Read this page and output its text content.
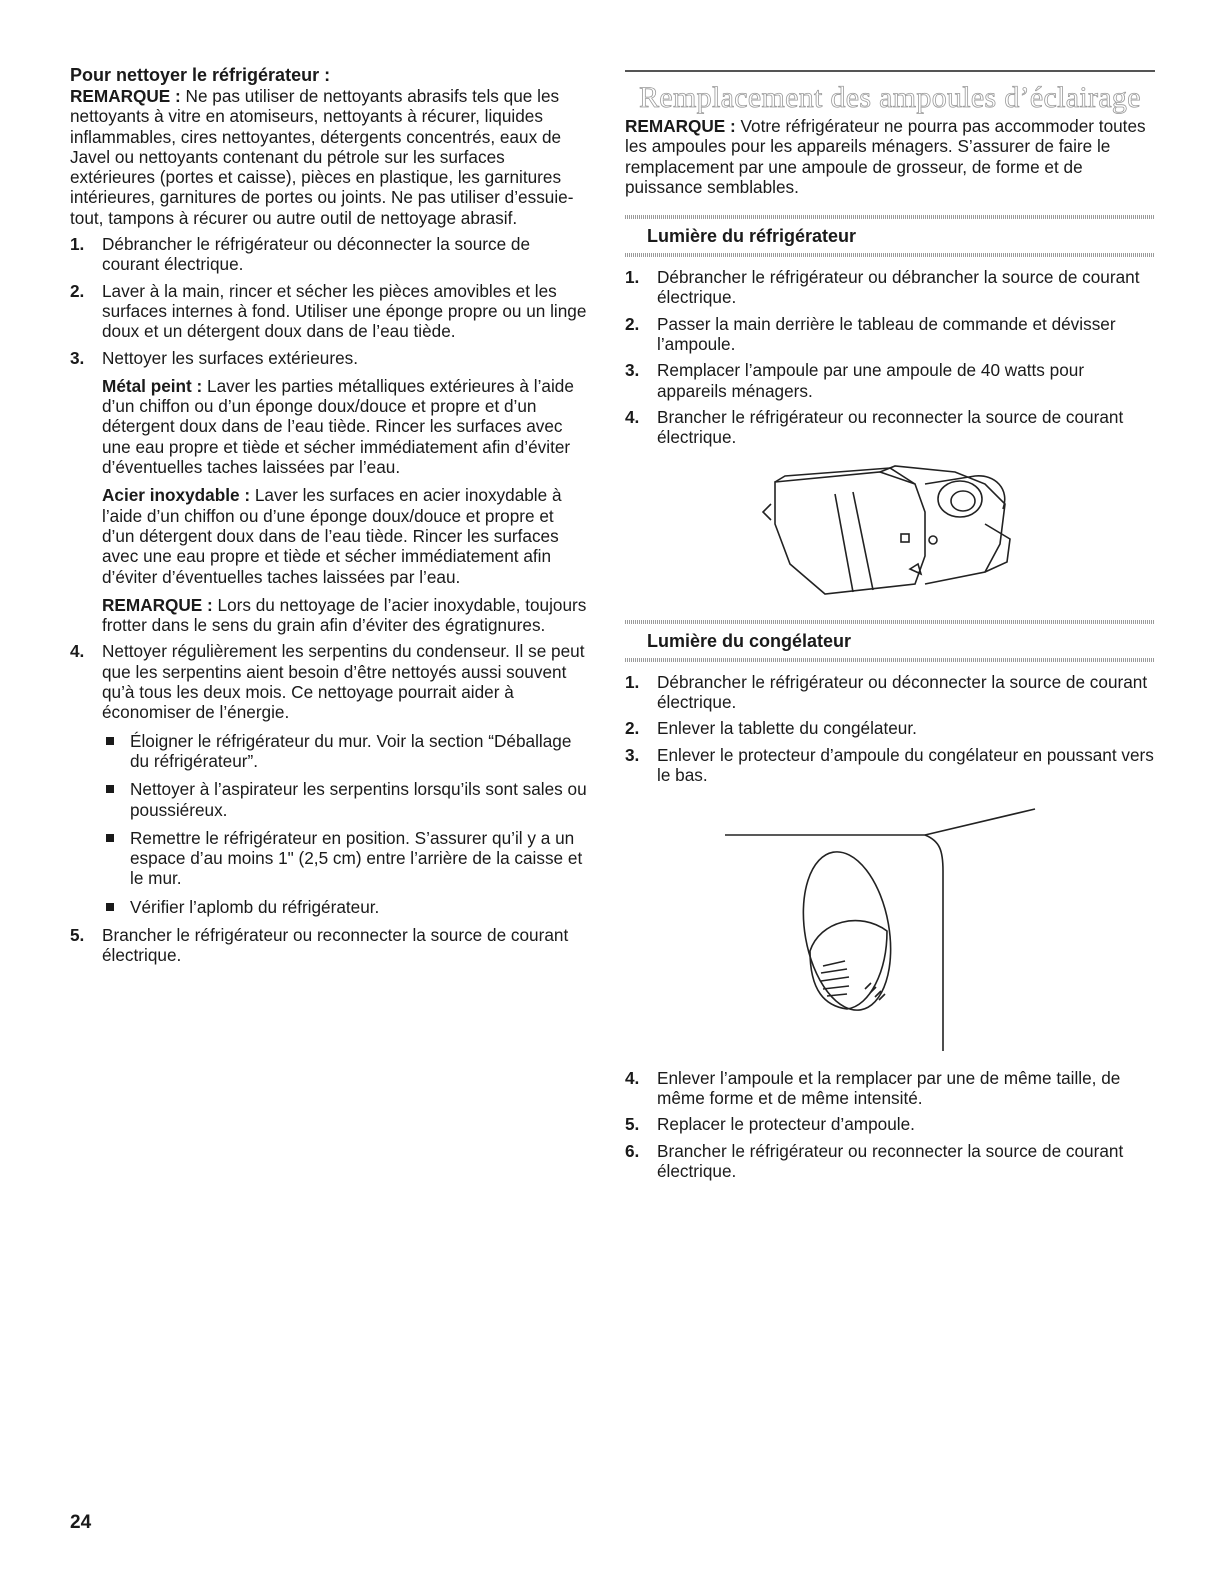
Pour nettoyer le réfrigérateur :

REMARQUE : Ne pas utiliser de nettoyants abrasifs tels que les nettoyants à vitre en atomiseurs, nettoyants à récurer, liquides inflammables, cires nettoyantes, détergents concentrés, eaux de Javel ou nettoyants contenant du pétrole sur les surfaces extérieures (portes et caisse), pièces en plastique, les garnitures intérieures, garnitures de portes ou joints. Ne pas utiliser d’essuie-tout, tampons à récurer ou autre outil de nettoyage abrasif.

1. Débrancher le réfrigérateur ou déconnecter la source de courant électrique.
2. Laver à la main, rincer et sécher les pièces amovibles et les surfaces internes à fond. Utiliser une éponge propre ou un linge doux et un détergent doux dans de l’eau tiède.
3. Nettoyer les surfaces extérieures.

Métal peint : Laver les parties métalliques extérieures à l’aide d’un chiffon ou d’un éponge doux/douce et propre et d’un détergent doux dans de l’eau tiède. Rincer les surfaces avec une eau propre et tiède et sécher immédiatement afin d’éviter d’éventuelles taches laissées par l’eau.

Acier inoxydable : Laver les surfaces en acier inoxydable à l’aide d’un chiffon ou d’une éponge doux/douce et propre et d’un détergent doux dans de l’eau tiède. Rincer les surfaces avec une eau propre et tiède et sécher immédiatement afin d’éviter d’éventuelles taches laissées par l’eau.

REMARQUE : Lors du nettoyage de l’acier inoxydable, toujours frotter dans le sens du grain afin d’éviter des égratignures.

4. Nettoyer régulièrement les serpentins du condenseur. Il se peut que les serpentins aient besoin d’être nettoyés aussi souvent qu’à tous les deux mois. Ce nettoyage pourrait aider à économiser de l’énergie.
Éloigner le réfrigérateur du mur. Voir la section “Déballage du réfrigérateur”.
Nettoyer à l’aspirateur les serpentins lorsqu’ils sont sales ou poussiéreux.
Remettre le réfrigérateur en position. S’assurer qu’il y a un espace d’au moins 1" (2,5 cm) entre l’arrière de la caisse et le mur.
Vérifier l’aplomb du réfrigérateur.
5. Brancher le réfrigérateur ou reconnecter la source de courant électrique.
Remplacement des ampoules d’éclairage

REMARQUE : Votre réfrigérateur ne pourra pas accommoder toutes les ampoules pour les appareils ménagers. S’assurer de faire le remplacement par une ampoule de grosseur, de forme et de puissance semblables.

Lumière du réfrigérateur
1. Débrancher le réfrigérateur ou débrancher la source de courant électrique.
2. Passer la main derrière le tableau de commande et dévisser l’ampoule.
3. Remplacer l’ampoule par une ampoule de 40 watts pour appareils ménagers.
4. Brancher le réfrigérateur ou reconnecter la source de courant électrique.
Lumière du congélateur
1. Débrancher le réfrigérateur ou déconnecter la source de courant électrique.
2. Enlever la tablette du congélateur.
3. Enlever le protecteur d’ampoule du congélateur en poussant vers le bas.
4. Enlever l’ampoule et la remplacer par une de même taille, de même forme et de même intensité.
5. Replacer le protecteur d’ampoule.
6. Brancher le réfrigérateur ou reconnecter la source de courant électrique.
24
